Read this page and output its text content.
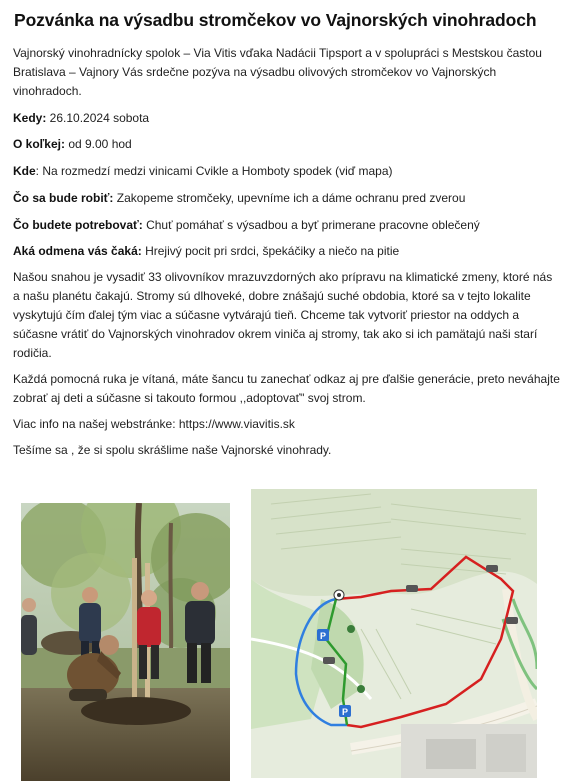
Pozvánka na výsadbu stromčekov vo Vajnorských vinohradoch

Vajnorský vinohradnícky spolok – Via Vitis vďaka Nadácii Tipsport a v spolupráci s Mestskou častou

Bratislava – Vajnory Vás srdečne pozýva na výsadbu olivových stromčekov vo Vajnorských

vinohradoch.

Kedy: 26.10.2024 sobota

O koľkej: od 9.00 hod

Kde: Na rozmedzí medzi vinicami Cvikle a Homboty spodek (viď mapa)

Čo sa bude robiť: Zakopeme stromčeky, upevníme ich a dáme ochranu pred zverou

Čo budete potrebovať: Chuť pomáhať s výsadbou a byť primerane pracovne oblečený

Aká odmena vás čaká: Hrejivý pocit pri srdci, špekáčiky a niečo na pitie

Našou snahou je vysadiť 33 olivovníkov mrazuvzdorných ako prípravu na klimatické zmeny, ktoré nás

a našu planétu čakajú. Stromy sú dlhoveké, dobre znášajú suché obdobia, ktoré sa v tejto lokalite

vyskytujú čím ďalej tým viac a súčasne vytvárajú tieň. Chceme tak vytvoriť priestor na oddych a

súčasne vrátiť do Vajnorských vinohradov okrem viniča aj stromy, tak ako si ich pamätajú naši starí

rodičia.

Každá pomocná ruka je vítaná, máte šancu tu zanechať odkaz aj pre ďalšie generácie, preto neváhajte

zobrať aj deti a súčasne si takouto formou ,,adoptovať" svoj strom.

Viac info na našej webstránke: https://www.viavitis.sk

Tešíme sa , že si spolu skrášlime naše Vajnorské vinohrady.

P
P
